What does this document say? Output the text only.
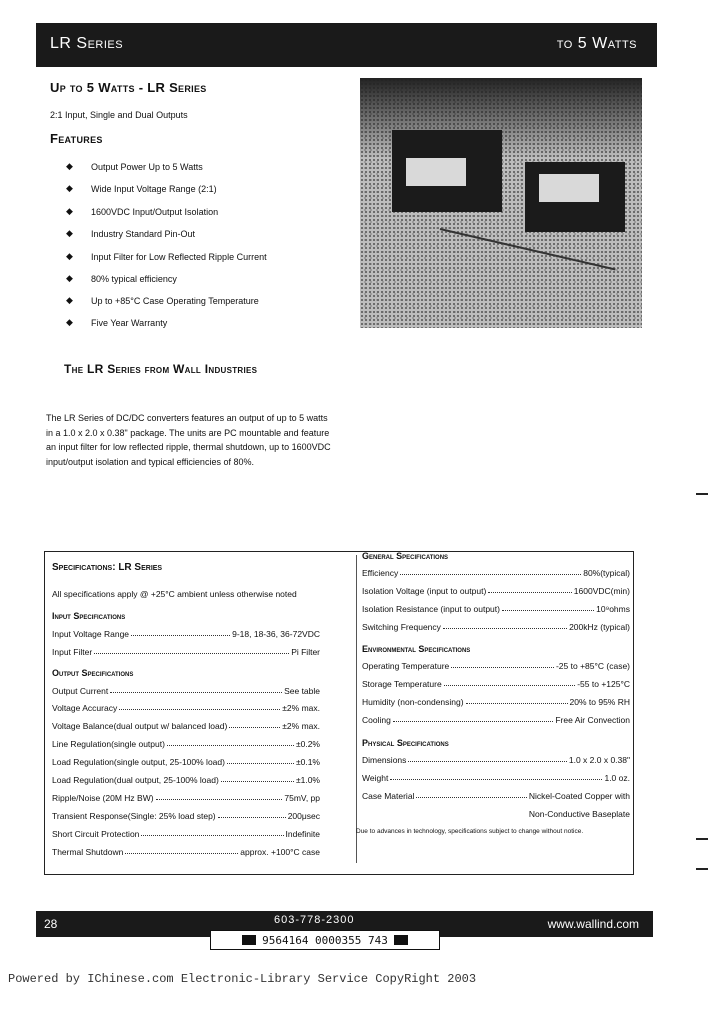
LR Series	to 5 Watts
Up to 5 Watts - LR Series
2:1 Input, Single and Dual Outputs
Features
◆	Output Power Up to 5 Watts
◆	Wide Input Voltage Range (2:1)
◆	1600VDC Input/Output Isolation
◆	Industry Standard Pin-Out
◆	Input Filter for Low Reflected Ripple Current
◆	80% typical efficiency
◆	Up to +85°C Case Operating Temperature
◆	Five Year Warranty
The LR Series from Wall Industries
The LR Series of DC/DC converters features an output of up to 5 watts in a 1.0 x 2.0 x 0.38" package. The units are PC mountable and feature an input filter for low reflected ripple, thermal shutdown, up to 1600VDC input/output isolation and typical efficiencies of 80%.
Specifications: LR Series
All specifications apply @ +25°C ambient unless otherwise noted
Input Specifications
Input Voltage Range	9-18, 18-36, 36-72VDC
Input Filter	Pi Filter
Output Specifications
Output Current	See table
Voltage Accuracy	±2% max.
Voltage Balance(dual output w/ balanced load)	±2% max.
Line Regulation(single output)	±0.2%
Load Regulation(single output, 25-100% load)	±0.1%
Load Regulation(dual output, 25-100% load)	±1.0%
Ripple/Noise (20M Hz BW)	75mV, pp
Transient Response(Single: 25% load step)	200μsec
Short Circuit Protection	Indefinite
Thermal Shutdown	approx. +100°C case
General Specifications
Efficiency	80%(typical)
Isolation Voltage (input to output)	1600VDC(min)
Isolation Resistance (input to output)	10⁹ohms
Switching Frequency	200kHz (typical)
Environmental Specifications
Operating Temperature	-25 to +85°C (case)
Storage Temperature	-55 to +125°C
Humidity (non-condensing)	20% to 95% RH
Cooling	Free Air Convection
Physical Specifications
Dimensions	1.0 x 2.0 x 0.38"
Weight	1.0 oz.
Case Material	Nickel-Coated Copper with
Non-Conductive Baseplate
Due to advances in technology, specifications subject to change without notice.
28	603-778-2300	www.wallind.com
9564164 0000355 743
Powered by IChinese.com Electronic-Library Service CopyRight 2003
